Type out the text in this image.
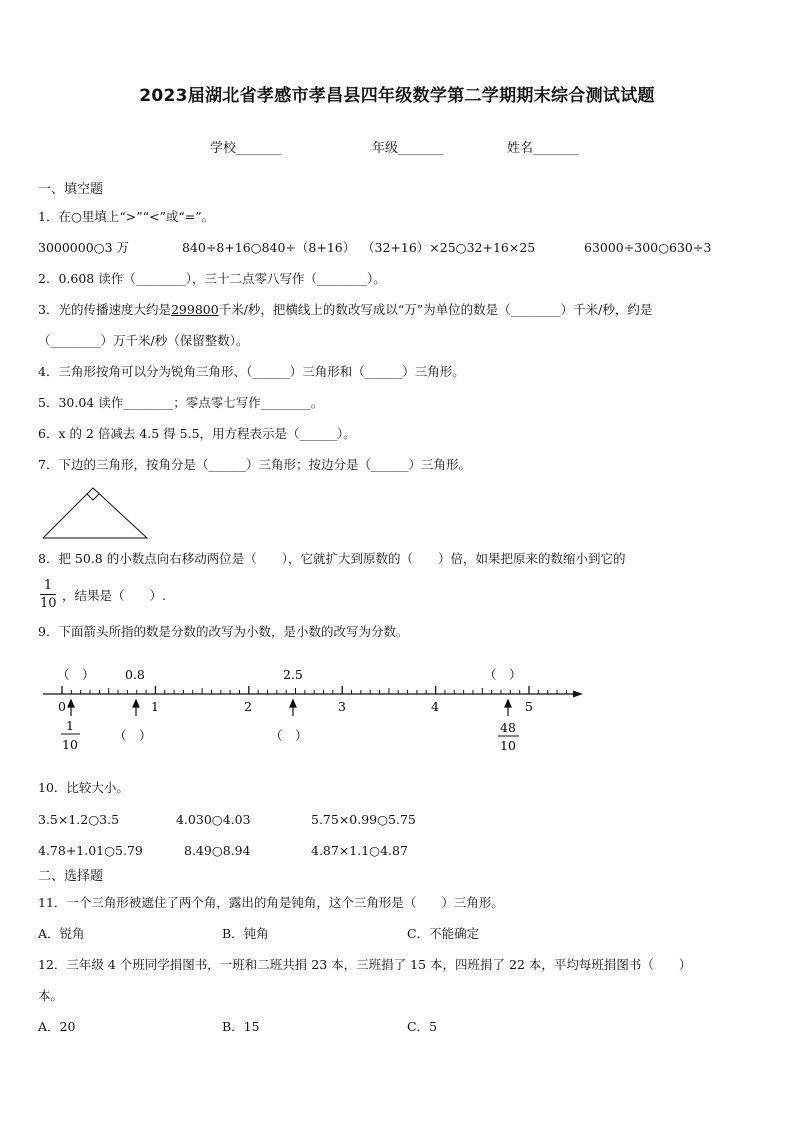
2023届湖北省孝感市孝昌县四年级数学第二学期期末综合测试试题
学校_______	年级_______	姓名_______
一、填空题
1．在○里填上“>”“<”或“=”。
3000000○3 万	840÷8+16○840÷（8+16） （32+16）×25○32+16×25	63000÷300○630÷3
2．0.608 读作（________），三十二点零八写作（________）。
3．光的传播速度大约是299800千米/秒，把横线上的数改写成以“万”为单位的数是（________）千米/秒，约是
（________）万千米/秒（保留整数）。
4．三角形按角可以分为锐角三角形、（______）三角形和（______）三角形。
5．30.04 读作________；零点零七写作________。
6．x 的 2 倍减去 4.5 得 5.5，用方程表示是（______）。
7．下边的三角形，按角分是（______）三角形；按边分是（______）三角形。
8．把 50.8 的小数点向右移动两位是（　　），它就扩大到原数的（　　）倍，如果把原来的数缩小到它的
1
10
，结果是（　　）.
9．下面箭头所指的数是分数的改写为小数，是小数的改写为分数。
（　） 0.8	2.5	（　）
0	1	2	3	4	5
1
10
（　）	（　）
48
10
10．比较大小。
3.5×1.2○3.5	4.030○4.03	5.75×0.99○5.75
4.78+1.01○5.79	8.49○8.94	4.87×1.1○4.87
二、选择题
11．一个三角形被遮住了两个角，露出的角是钝角，这个三角形是（　　）三角形。
A．锐角	B．钝角	C．不能确定
12．三年级 4 个班同学捐图书，一班和二班共捐 23 本，三班捐了 15 本，四班捐了 22 本，平均每班捐图书（　　）
本。
A．20	B．15	C．5
